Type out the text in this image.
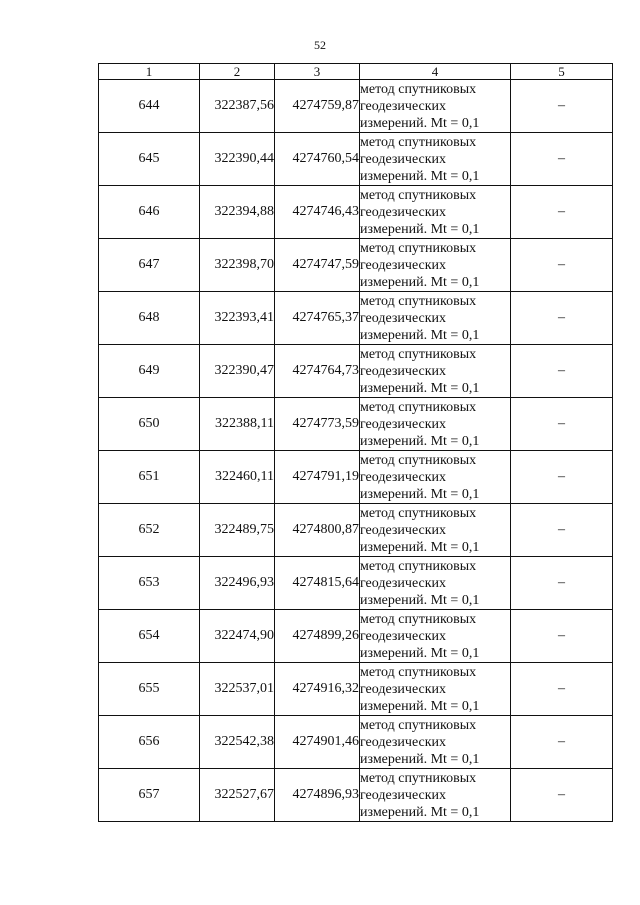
52
1	2	3	4	5
644	322387,56	4274759,87	метод спутниковых
геодезических
измерений. Mt = 0,1	–
645	322390,44	4274760,54	метод спутниковых
геодезических
измерений. Mt = 0,1	–
646	322394,88	4274746,43	метод спутниковых
геодезических
измерений. Mt = 0,1	–
647	322398,70	4274747,59	метод спутниковых
геодезических
измерений. Mt = 0,1	–
648	322393,41	4274765,37	метод спутниковых
геодезических
измерений. Mt = 0,1	–
649	322390,47	4274764,73	метод спутниковых
геодезических
измерений. Mt = 0,1	–
650	322388,11	4274773,59	метод спутниковых
геодезических
измерений. Mt = 0,1	–
651	322460,11	4274791,19	метод спутниковых
геодезических
измерений. Mt = 0,1	–
652	322489,75	4274800,87	метод спутниковых
геодезических
измерений. Mt = 0,1	–
653	322496,93	4274815,64	метод спутниковых
геодезических
измерений. Mt = 0,1	–
654	322474,90	4274899,26	метод спутниковых
геодезических
измерений. Mt = 0,1	–
655	322537,01	4274916,32	метод спутниковых
геодезических
измерений. Mt = 0,1	–
656	322542,38	4274901,46	метод спутниковых
геодезических
измерений. Mt = 0,1	–
657	322527,67	4274896,93	метод спутниковых
геодезических
измерений. Mt = 0,1	–
